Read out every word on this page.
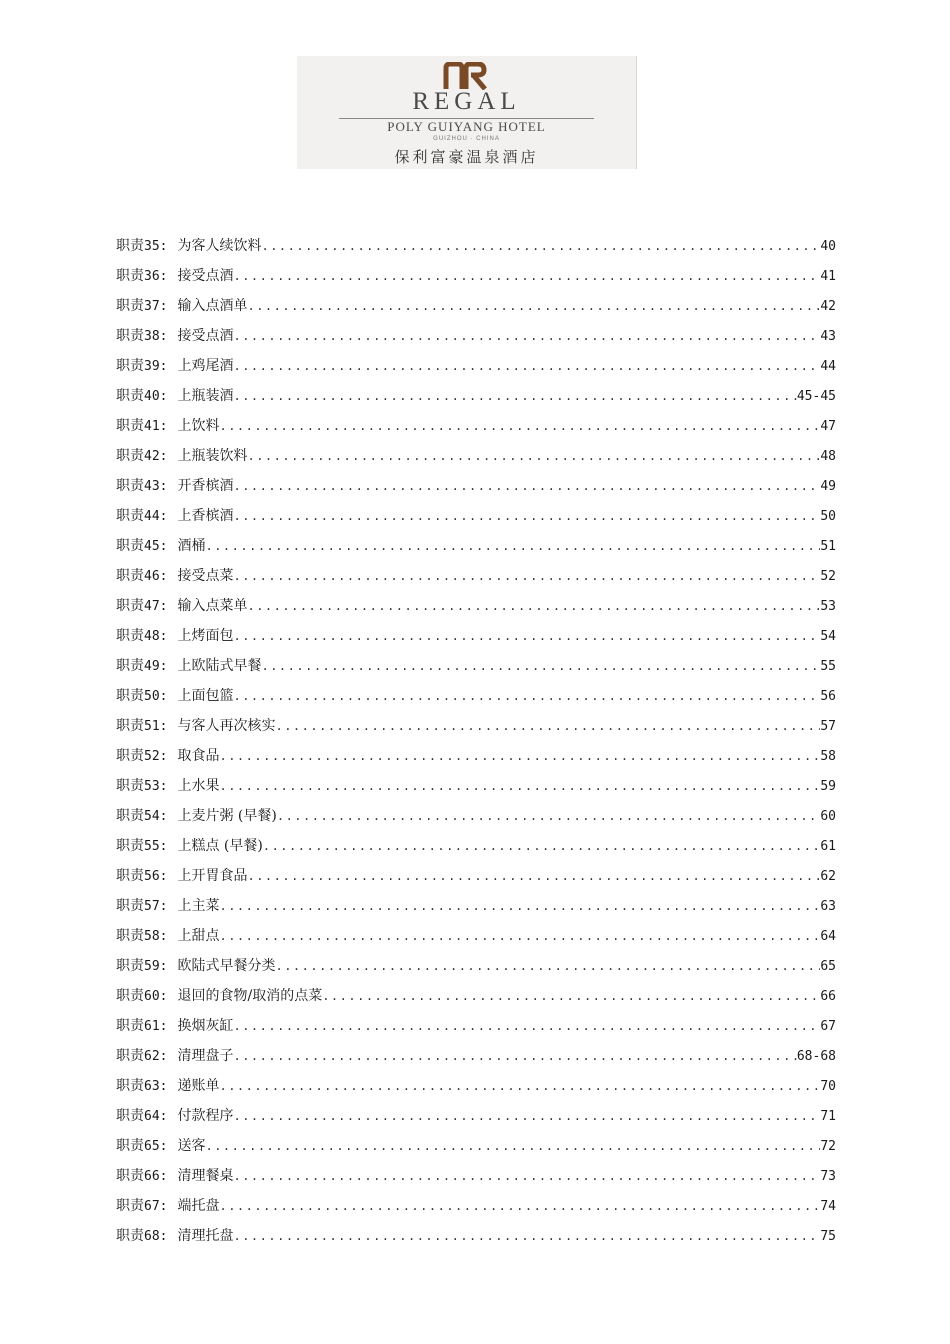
REGAL
POLY GUIYANG HOTEL
GUIZHOU · CHINA
保利富豪温泉酒店
职责 35: 为客人续饮料 .....	40
职责 36: 接受点酒 .....	41
职责 37: 输入点酒单 .....	42
职责 38: 接受点酒 .....	43
职责 39: 上鸡尾酒 .....	44
职责 40: 上瓶装酒 .....	45-45
职责 41: 上饮料 .....	47
职责 42: 上瓶装饮料 .....	48
职责 43: 开香槟酒 .....	49
职责 44: 上香槟酒 .....	50
职责 45: 酒桶 .....	51
职责 46: 接受点菜 .....	52
职责 47: 输入点菜单 .....	53
职责 48: 上烤面包 .....	54
职责 49: 上欧陆式早餐 .....	55
职责 50: 上面包篮 .....	56
职责 51: 与客人再次核实 .....	57
职责 52: 取食品 .....	58
职责 53: 上水果 .....	59
职责 54: 上麦片粥 (早餐) .....	60
职责 55: 上糕点 (早餐) .....	61
职责 56: 上开胃食品 .....	62
职责 57: 上主菜 .....	63
职责 58: 上甜点 .....	64
职责 59: 欧陆式早餐分类 .....	65
职责 60: 退回的食物/取消的点菜 .....	66
职责 61: 换烟灰缸 .....	67
职责 62: 清理盘子 .....	68-68
职责 63: 递账单 .....	70
职责 64: 付款程序 .....	71
职责 65: 送客 .....	72
职责 66: 清理餐桌 .....	73
职责 67: 端托盘 .....	74
职责 68: 清理托盘 .....	75
